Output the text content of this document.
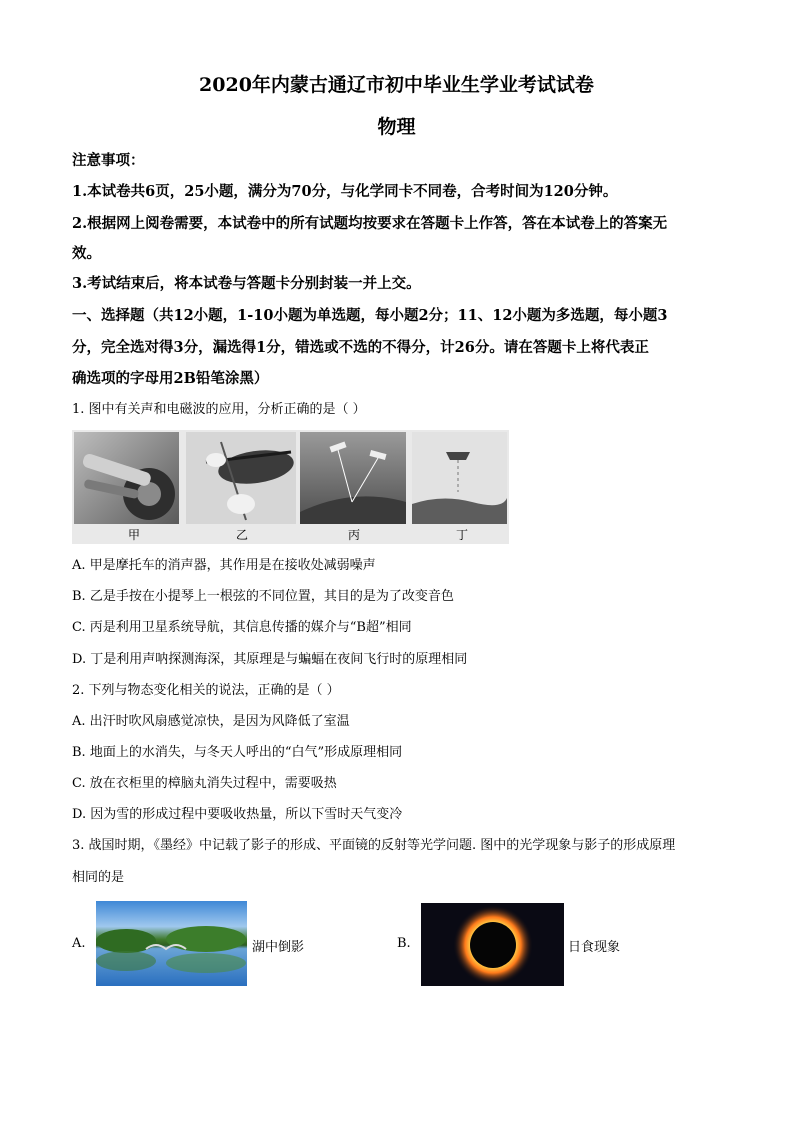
2020年内蒙古通辽市初中毕业生学业考试试卷
物理
注意事项：
1.本试卷共6页，25小题，满分为70分，与化学同卡不同卷，合考时间为120分钟。
2.根据网上阅卷需要，本试卷中的所有试题均按要求在答题卡上作答，答在本试卷上的答案无
效。
3.考试结束后，将本试卷与答题卡分别封装一并上交。
一、选择题（共12小题，1-10小题为单选题，每小题2分；11、12小题为多选题，每小题3
分，完全选对得3分，漏选得1分，错选或不选的不得分，计26分。请在答题卡上将代表正
确选项的字母用2B铅笔涂黑）
1. 图中有关声和电磁波的应用，分析正确的是（ ）
甲	乙	丙	丁
A. 甲是摩托车的消声器，其作用是在接收处减弱噪声
B. 乙是手按在小提琴上一根弦的不同位置，其目的是为了改变音色
C. 丙是利用卫星系统导航，其信息传播的媒介与“B超”相同
D. 丁是利用声呐探测海深，其原理是与蝙蝠在夜间飞行时的原理相同
2. 下列与物态变化相关的说法，正确的是（ ）
A. 出汗时吹风扇感觉凉快，是因为风降低了室温
B. 地面上的水消失，与冬天人呼出的“白气”形成原理相同
C. 放在衣柜里的樟脑丸消失过程中，需要吸热
D. 因为雪的形成过程中要吸收热量，所以下雪时天气变冷
3. 战国时期，《墨经》中记载了影子的形成、平面镜的反射等光学问题. 图中的光学现象与影子的形成原理
相同的是
A.	湖中倒影	B.	日食现象
